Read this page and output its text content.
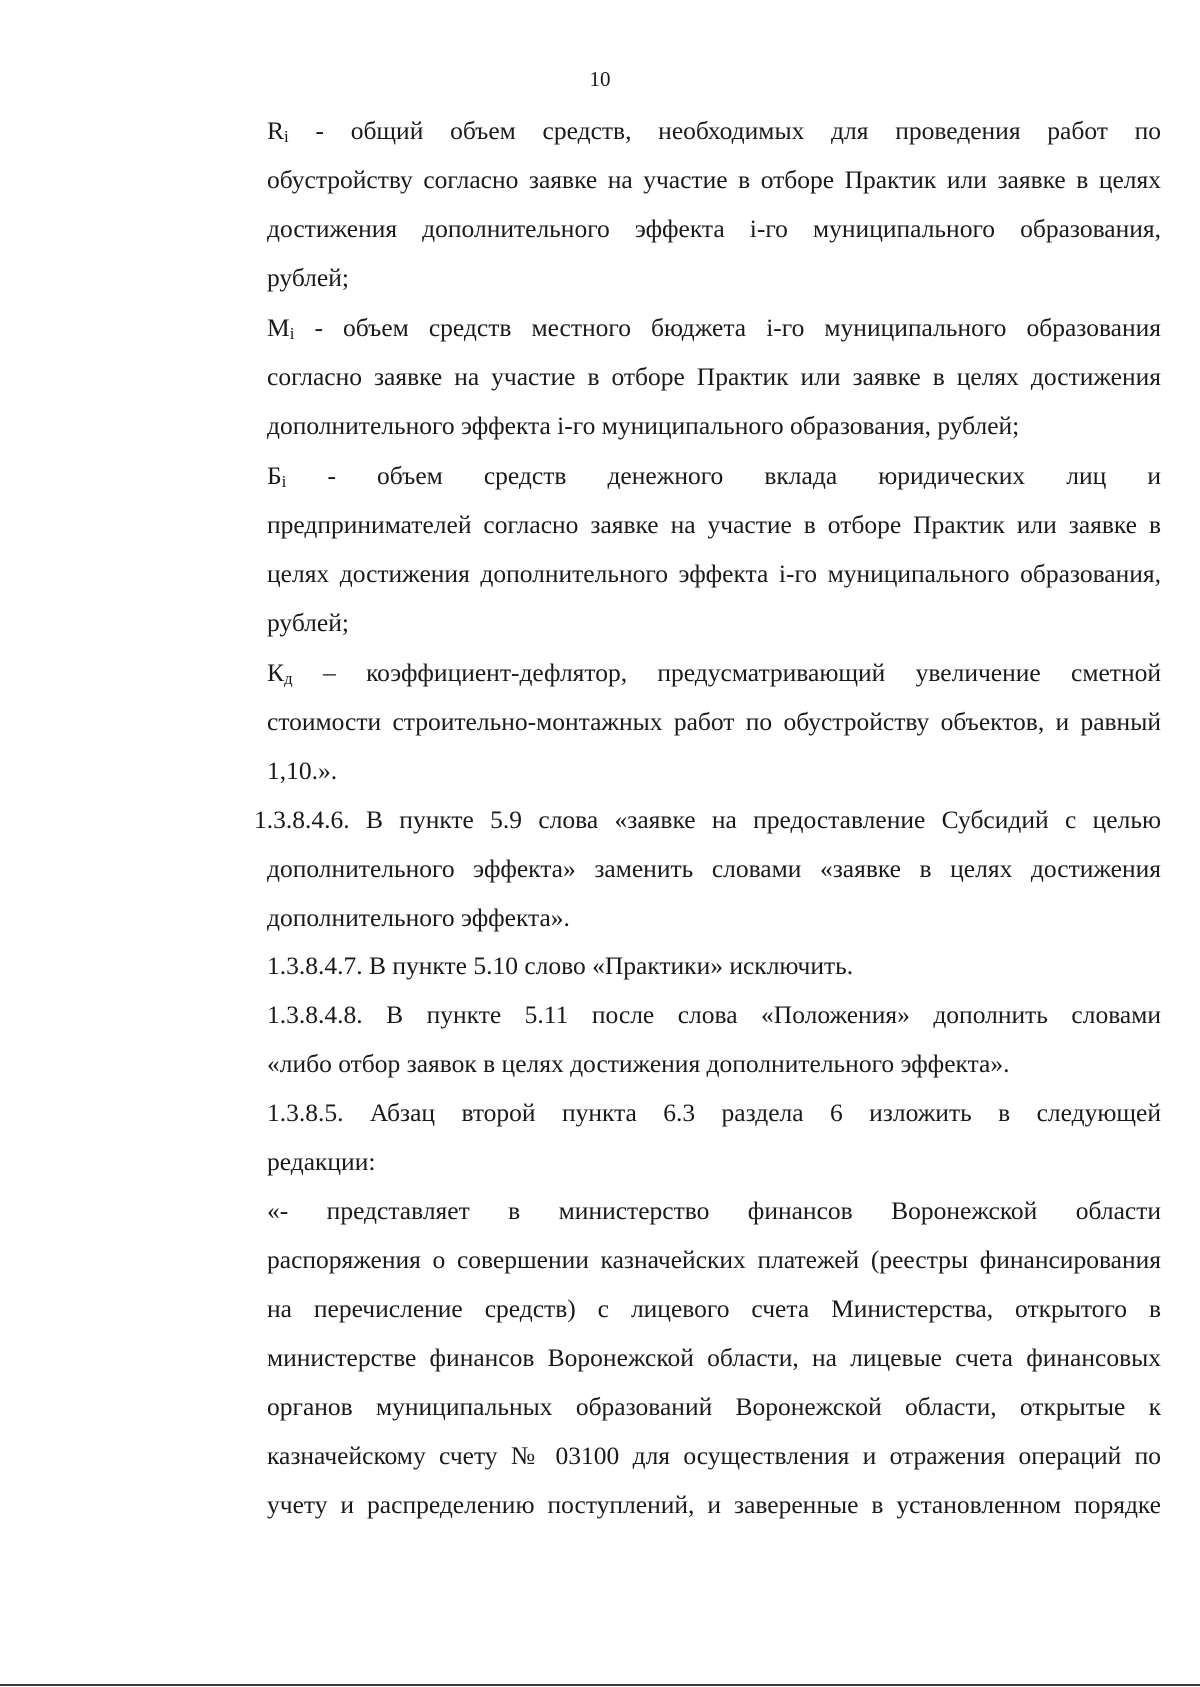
10
$R_i$ - общий объем средств, необходимых для проведения работ по
обустройству согласно заявке на участие в отборе Практик или заявке в целях
достижения дополнительного эффекта i-го муниципального образования,
рублей;
$M_i$ - объем средств местного бюджета i-го муниципального образования
согласно заявке на участие в отборе Практик или заявке в целях достижения
дополнительного эффекта i-го муниципального образования, рублей;
$Б_i$ - объем средств денежного вклада юридических лиц и
предпринимателей согласно заявке на участие в отборе Практик или заявке в
целях достижения дополнительного эффекта i-го муниципального образования,
рублей;
$К_д$ – коэффициент-дефлятор, предусматривающий увеличение сметной
стоимости строительно-монтажных работ по обустройству объектов, и равный
1,10.».
1.3.8.4.6. В пункте 5.9 слова «заявке на предоставление Субсидий с целью
дополнительного эффекта» заменить словами «заявке в целях достижения
дополнительного эффекта».
1.3.8.4.7. В пункте 5.10 слово «Практики» исключить.
1.3.8.4.8. В пункте 5.11 после слова «Положения» дополнить словами
«либо отбор заявок в целях достижения дополнительного эффекта».
1.3.8.5. Абзац второй пункта 6.3 раздела 6 изложить в следующей
редакции:
«- представляет в министерство финансов Воронежской области
распоряжения о совершении казначейских платежей (реестры финансирования
на перечисление средств) с лицевого счета Министерства, открытого в
министерстве финансов Воронежской области, на лицевые счета финансовых
органов муниципальных образований Воронежской области, открытые к
казначейскому счету № 03100 для осуществления и отражения операций по
учету и распределению поступлений, и заверенные в установленном порядке
